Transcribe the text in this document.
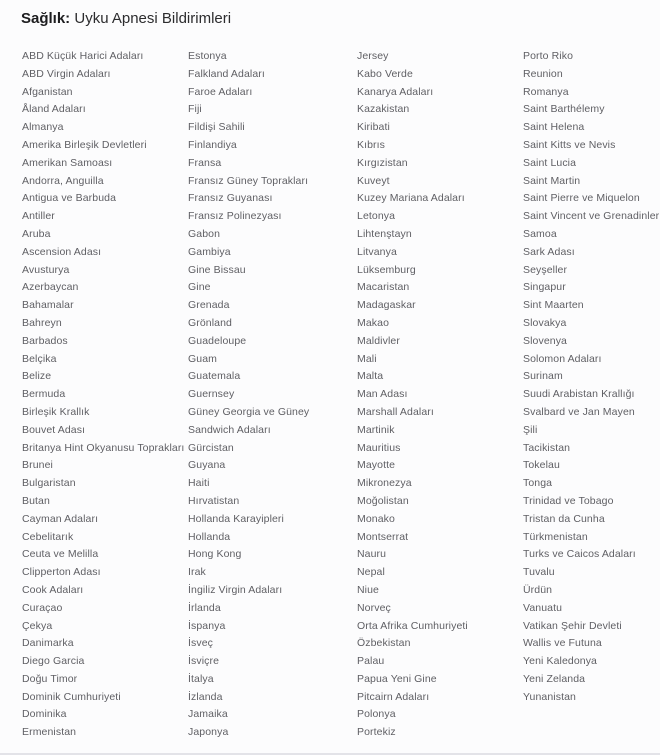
Sağlık: Uyku Apnesi Bildirimleri
ABD Küçük Harici Adaları
ABD Virgin Adaları
Afganistan
Åland Adaları
Almanya
Amerika Birleşik Devletleri
Amerikan Samoası
Andorra, Anguilla
Antigua ve Barbuda
Antiller
Aruba
Ascension Adası
Avusturya
Azerbaycan
Bahamalar
Bahreyn
Barbados
Belçika
Belize
Bermuda
Birleşik Krallık
Bouvet Adası
Britanya Hint Okyanusu Toprakları
Brunei
Bulgaristan
Butan
Cayman Adaları
Cebelitarık
Ceuta ve Melilla
Clipperton Adası
Cook Adaları
Curaçao
Çekya
Danimarka
Diego Garcia
Doğu Timor
Dominik Cumhuriyeti
Dominika
Ermenistan
Estonya
Falkland Adaları
Faroe Adaları
Fiji
Fildişi Sahili
Finlandiya
Fransa
Fransız Güney Toprakları
Fransız Guyanası
Fransız Polinezyası
Gabon
Gambiya
Gine Bissau
Gine
Grenada
Grönland
Guadeloupe
Guam
Guatemala
Guernsey
Güney Georgia ve Güney Sandwich Adaları
Gürcistan
Guyana
Haiti
Hırvatistan
Hollanda Karayipleri
Hollanda
Hong Kong
Irak
İngiliz Virgin Adaları
İrlanda
İspanya
İsveç
İsviçre
İtalya
İzlanda
Jamaika
Japonya
Jersey
Kabo Verde
Kanarya Adaları
Kazakistan
Kiribati
Kıbrıs
Kırgızistan
Kuveyt
Kuzey Mariana Adaları
Letonya
Lihtenştayn
Litvanya
Lüksemburg
Macaristan
Madagaskar
Makao
Maldivler
Mali
Malta
Man Adası
Marshall Adaları
Martinik
Mauritius
Mayotte
Mikronezya
Moğolistan
Monako
Montserrat
Nauru
Nepal
Niue
Norveç
Orta Afrika Cumhuriyeti
Özbekistan
Palau
Papua Yeni Gine
Pitcairn Adaları
Polonya
Portekiz
Porto Riko
Reunion
Romanya
Saint Barthélemy
Saint Helena
Saint Kitts ve Nevis
Saint Lucia
Saint Martin
Saint Pierre ve Miquelon
Saint Vincent ve Grenadinler
Samoa
Sark Adası
Seyşeller
Singapur
Sint Maarten
Slovakya
Slovenya
Solomon Adaları
Surinam
Suudi Arabistan Krallığı
Svalbard ve Jan Mayen
Şili
Tacikistan
Tokelau
Tonga
Trinidad ve Tobago
Tristan da Cunha
Türkmenistan
Turks ve Caicos Adaları
Tuvalu
Ürdün
Vanuatu
Vatikan Şehir Devleti
Wallis ve Futuna
Yeni Kaledonya
Yeni Zelanda
Yunanistan
